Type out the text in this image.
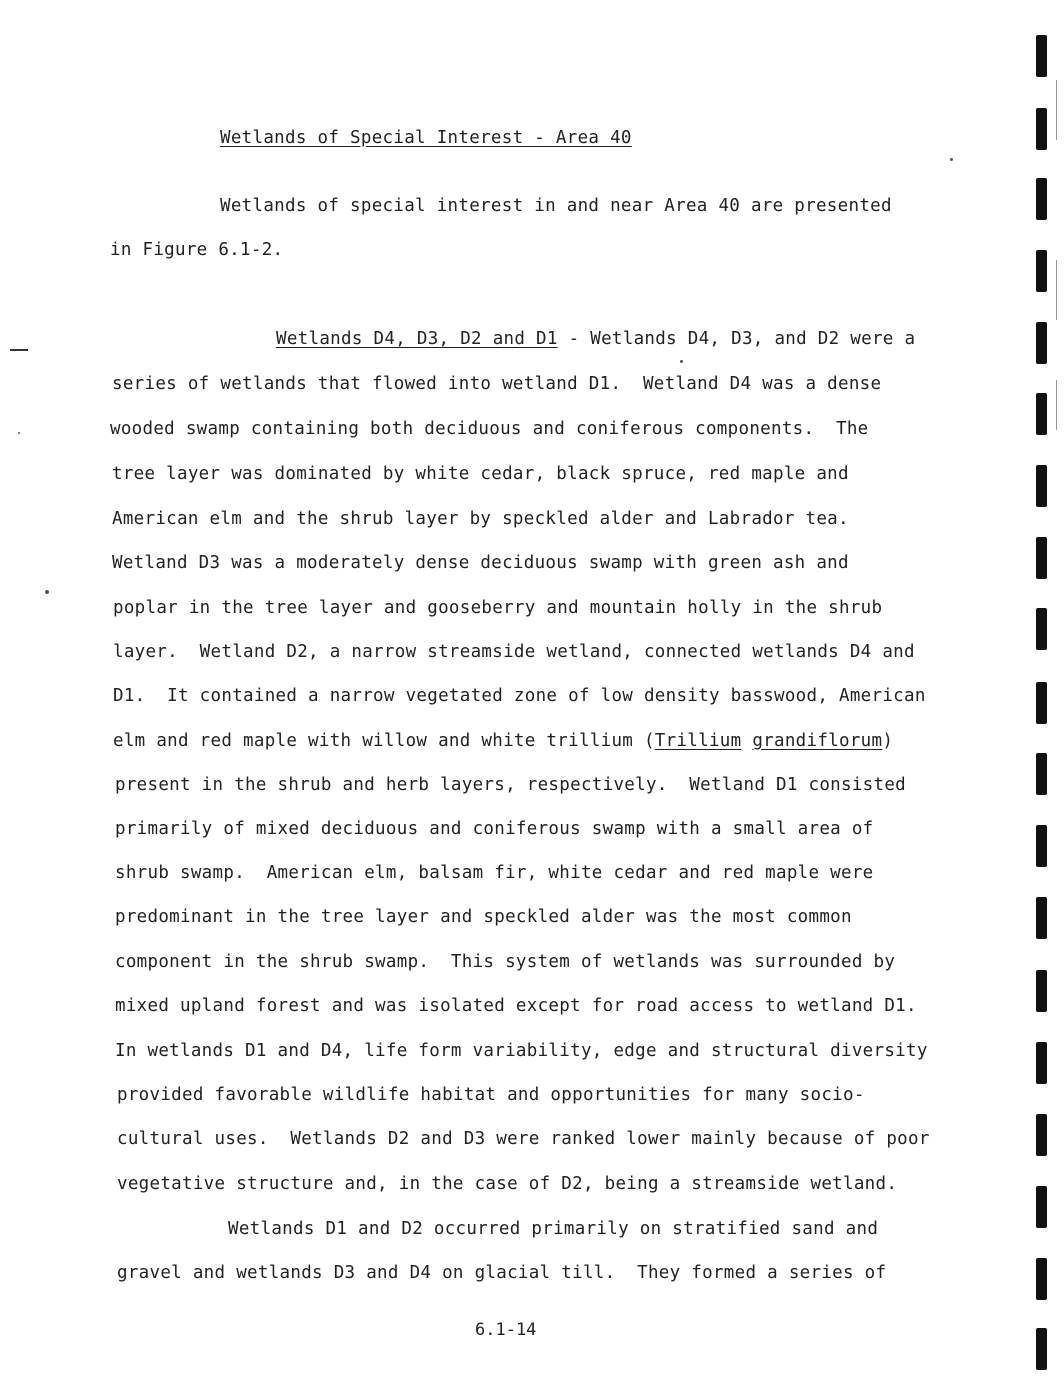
Wetlands of Special Interest - Area 40
Wetlands of special interest in and near Area 40 are presented
in Figure 6.1-2.
Wetlands D4, D3, D2 and D1 - Wetlands D4, D3, and D2 were a
series of wetlands that flowed into wetland D1.  Wetland D4 was a dense
wooded swamp containing both deciduous and coniferous components.  The
tree layer was dominated by white cedar, black spruce, red maple and
American elm and the shrub layer by speckled alder and Labrador tea.
Wetland D3 was a moderately dense deciduous swamp with green ash and
poplar in the tree layer and gooseberry and mountain holly in the shrub
layer.  Wetland D2, a narrow streamside wetland, connected wetlands D4 and
D1.  It contained a narrow vegetated zone of low density basswood, American
elm and red maple with willow and white trillium (Trillium grandiflorum)
present in the shrub and herb layers, respectively.  Wetland D1 consisted
primarily of mixed deciduous and coniferous swamp with a small area of
shrub swamp.  American elm, balsam fir, white cedar and red maple were
predominant in the tree layer and speckled alder was the most common
component in the shrub swamp.  This system of wetlands was surrounded by
mixed upland forest and was isolated except for road access to wetland D1.
In wetlands D1 and D4, life form variability, edge and structural diversity
provided favorable wildlife habitat and opportunities for many socio-
cultural uses.  Wetlands D2 and D3 were ranked lower mainly because of poor
vegetative structure and, in the case of D2, being a streamside wetland.
Wetlands D1 and D2 occurred primarily on stratified sand and
gravel and wetlands D3 and D4 on glacial till.  They formed a series of
6.1-14
